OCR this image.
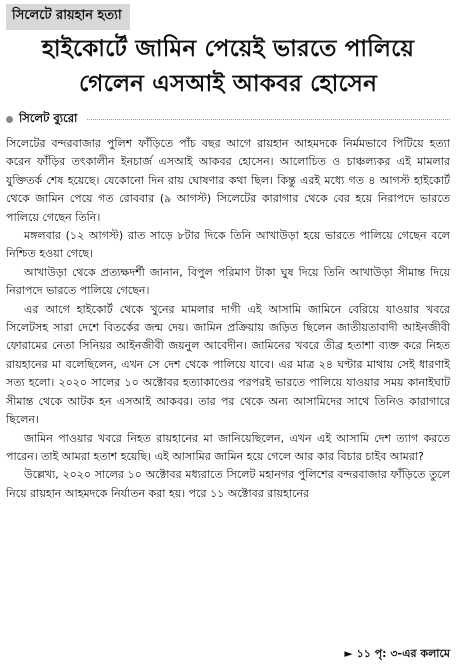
সিলেটে রায়হান হত্যা
হাইকোর্টে জামিন পেয়েই ভারতে পালিয়ে
গেলেন এসআই আকবর হোসেন
সিলেট ব্যুরো

সিলেটের বন্দরবাজার পুলিশ ফাঁড়িতে পাঁচ বছর আগে রায়হান আহমদকে নির্মমভাবে পিটিয়ে হত্যা করেন ফাঁড়ির তৎকালীন ইনচার্জ এসআই আকবর হোসেন। আলোচিত ও চাঞ্চল্যকর এই মামলার যুক্তিতর্ক শেষ হয়েছে। যেকোনো দিন রায় ঘোষণার কথা ছিল। কিন্তু এরই মধ্যে গত ৪ আগস্ট হাইকোর্ট থেকে জামিন পেয়ে গত রোববার (৯ আগস্ট) সিলেটের কারাগার থেকে বের হয়ে নিরাপদে ভারতে পালিয়ে গেছেন তিনি।

মঙ্গলবার (১২ আগস্ট) রাত সাড়ে ৮টার দিকে তিনি আখাউড়া হয়ে ভারতে পালিয়ে গেছেন বলে নিশ্চিত হওয়া গেছে।

আখাউড়া থেকে প্রত্যক্ষদর্শী জানান, বিপুল পরিমাণ টাকা ঘুষ দিয়ে তিনি আখাউড়া সীমান্ত দিয়ে নিরাপদে ভারতে পালিয়ে গেছেন।

এর আগে হাইকোর্ট থেকে খুনের মামলার দাগী এই আসামি জামিনে বেরিয়ে যাওয়ার খবরে সিলেটসহ সারা দেশে বিতর্কের জন্ম দেয়। জামিন প্রক্রিয়ায় জড়িত ছিলেন জাতীয়তাবাদী আইনজীবী ফোরামের নেতা সিনিয়র আইনজীবী জয়নুল আবেদীন। জামিনের খবরে তীব্র হতাশা ব্যক্ত করে নিহত রায়হানের মা বলেছিলেন, এখন সে দেশ থেকে পালিয়ে যাবে। এর মাত্র ২৪ ঘণ্টার মাথায় সেই ধারণাই সত্য হলো। ২০২০ সালের ১০ অক্টোবর হত্যাকাণ্ডের পরপরই ভারতে পালিয়ে যাওয়ার সময় কানাইঘাট সীমান্ত থেকে আটক হন এসআই আকবর। তার পর থেকে অন্য আসামিদের সাথে তিনিও কারাগারে ছিলেন।

জামিন পাওয়ার খবরে নিহত রায়হানের মা জানিয়েছিলেন, এখন এই আসামি দেশ ত্যাগ করতে পারেন। তাই আমরা হতাশ হয়েছি। এই আসামির জামিন হয়ে গেলে আর কার বিচার চাইব আমরা?

উল্লেখ্য, ২০২০ সালের ১০ অক্টোবর মধ্যরাতে সিলেট মহানগর পুলিশের বন্দরবাজার ফাঁড়িতে তুলে নিয়ে রায়হান আহমদকে নির্যাতন করা হয়। পরে ১১ অক্টোবর রায়হানের

► ১১ পৃ: ৩-এর কলামে
